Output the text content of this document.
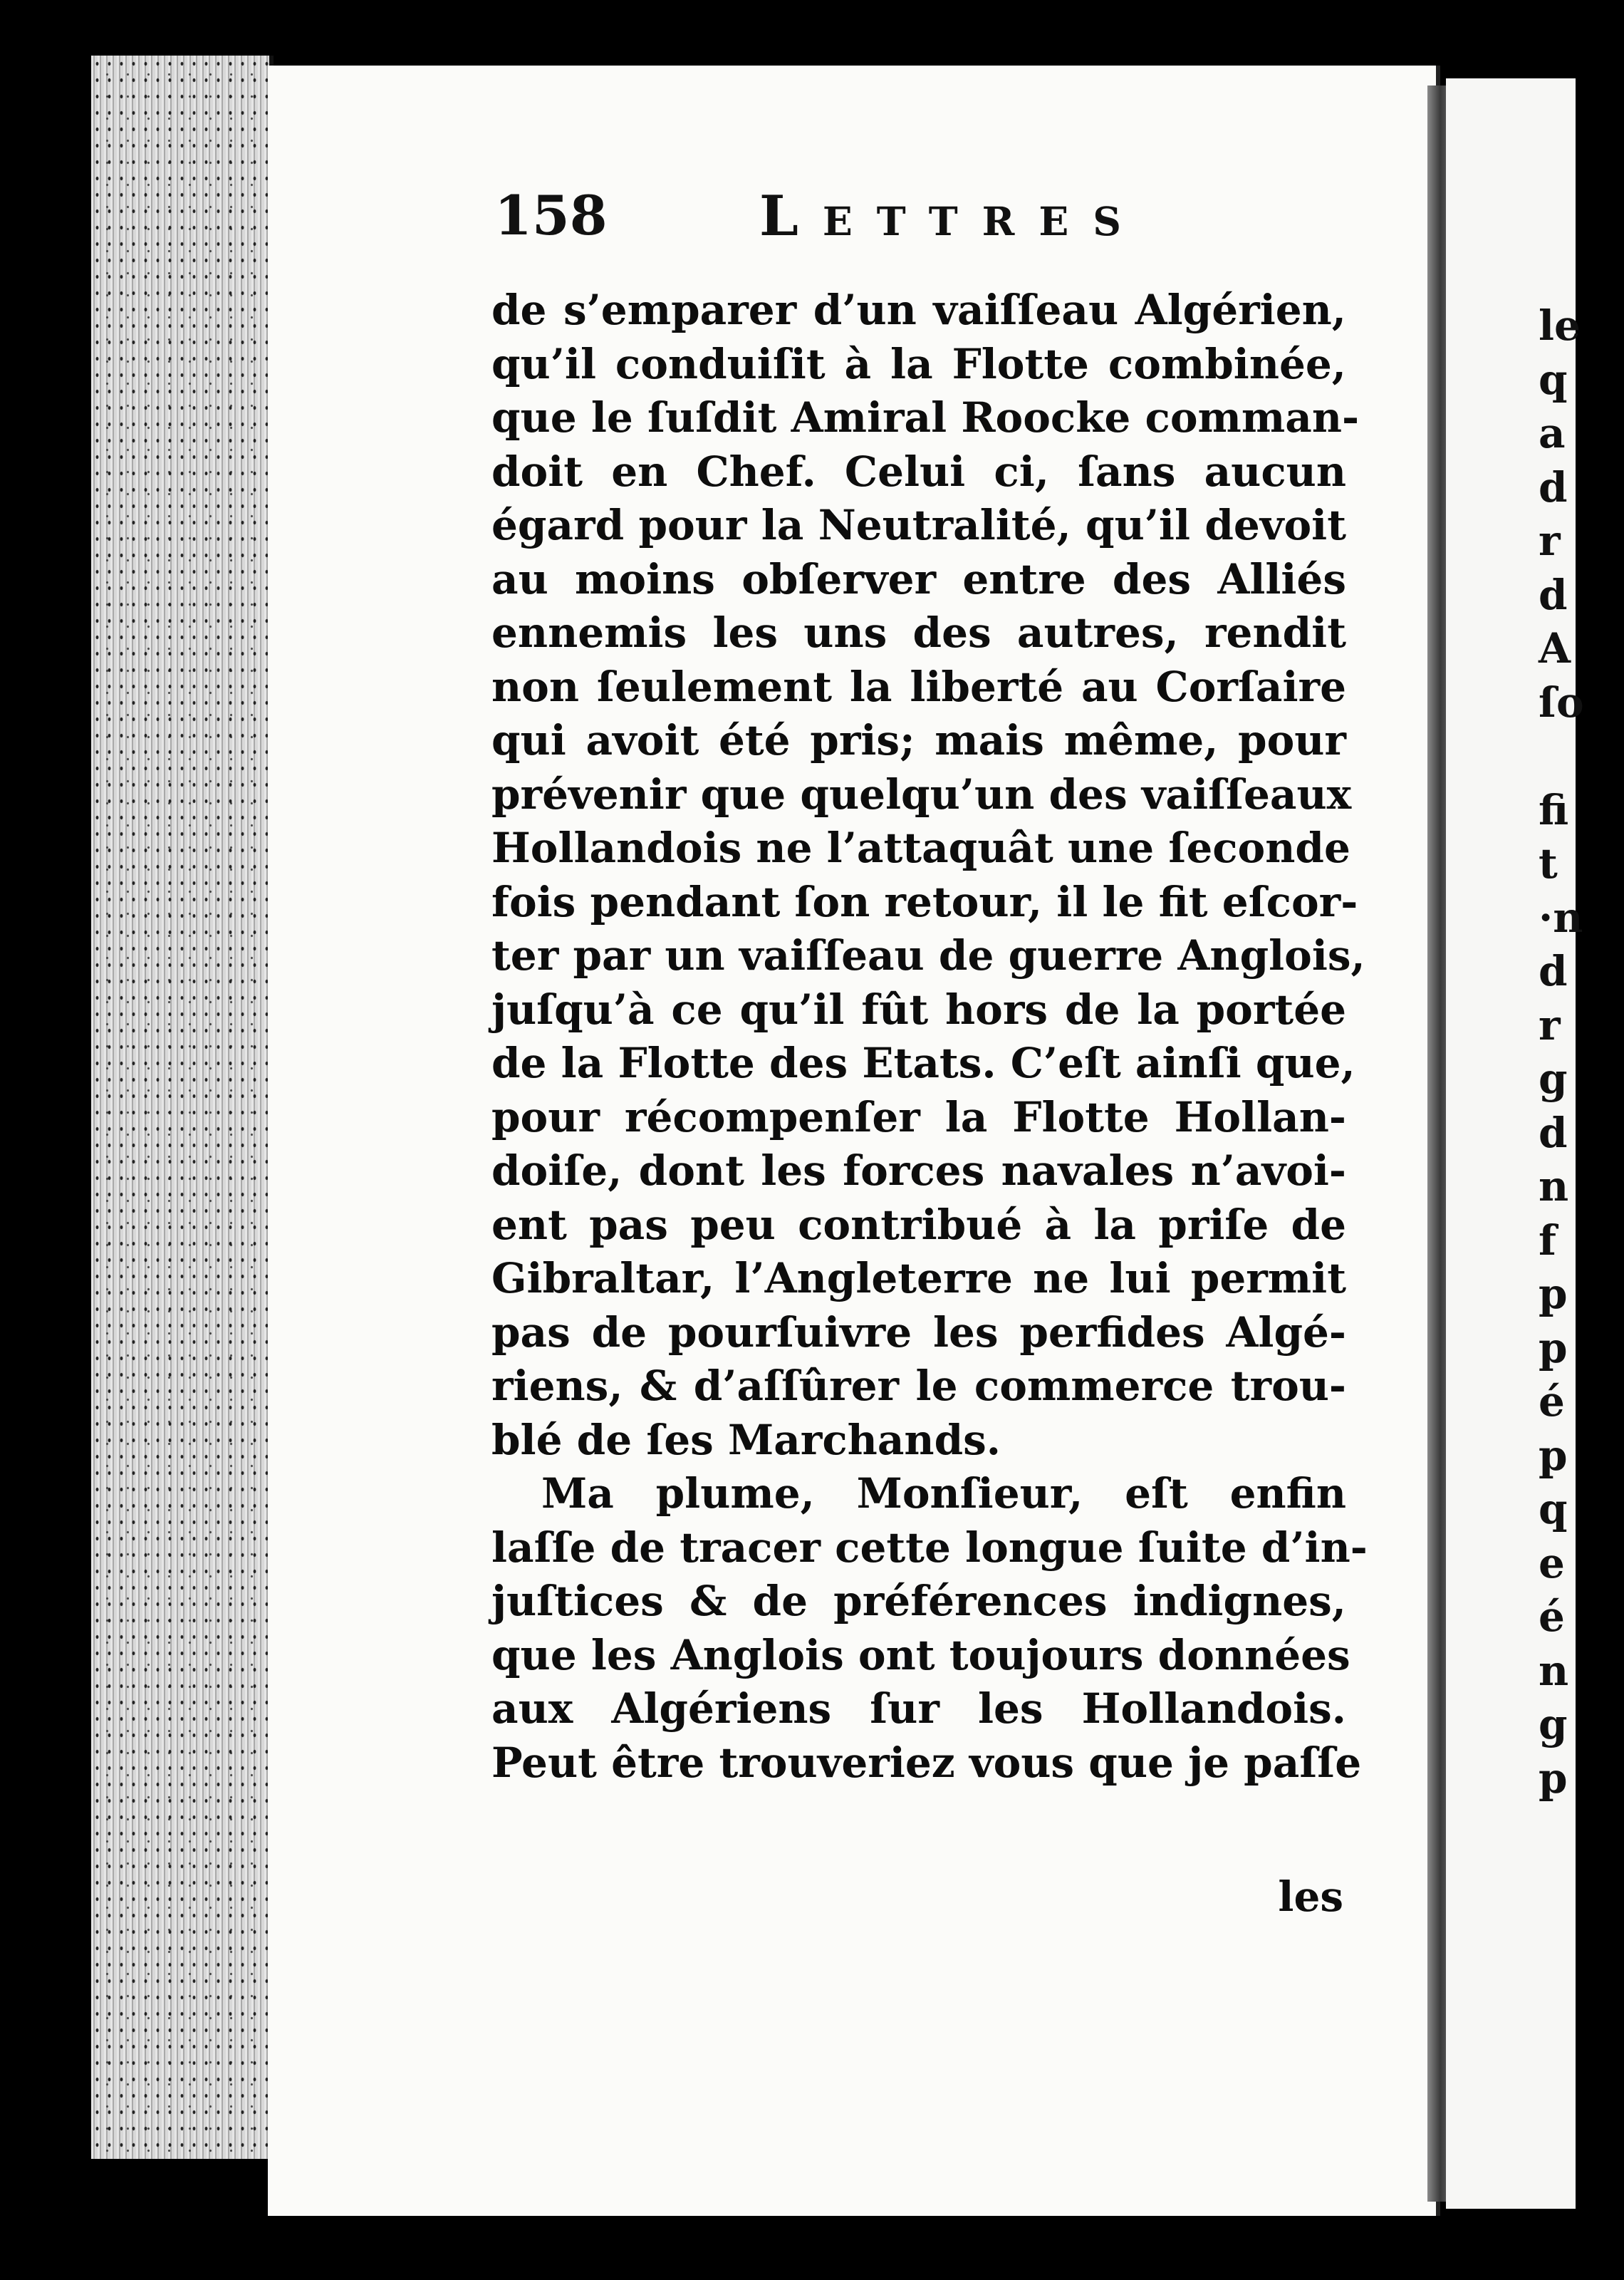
158	Lettres
de s’emparer d’un vaiſſeau Algérien,
qu’il conduiſit à la Flotte combinée,
que le ſuſdit Amiral Roocke comman-
doit en Chef. Celui ci, ſans aucun
égard pour la Neutralité, qu’il devoit
au moins obſerver entre des Alliés
ennemis les uns des autres, rendit
non ſeulement la liberté au Corſaire
qui avoit été pris; mais même, pour
prévenir que quelqu’un des vaiſſeaux
Hollandois ne l’attaquât une ſeconde
fois pendant ſon retour, il le fit eſcor-
ter par un vaiſſeau de guerre Anglois,
juſqu’à ce qu’il fût hors de la portée
de la Flotte des Etats. C’eſt ainſi que,
pour récompenſer la Flotte Hollan-
doiſe, dont les forces navales n’avoi-
ent pas peu contribué à la priſe de
Gibraltar, l’Angleterre ne lui permit
pas de pourſuivre les perfides Algé-
riens, & d’aſſûrer le commerce trou-
blé de ſes Marchands.
Ma plume, Monſieur, eſt enfin
laſſe de tracer cette longue ſuite d’in-
juſtices & de préférences indignes,
que les Anglois ont toujours données
aux Algériens ſur les Hollandois.
Peut être trouveriez vous que je paſſe
les
le
q
a
d
r
d
A
ſo

fi
t
·n
d
r
g
d
n
f
p
p
é
p
q
e
é
n
g
p
